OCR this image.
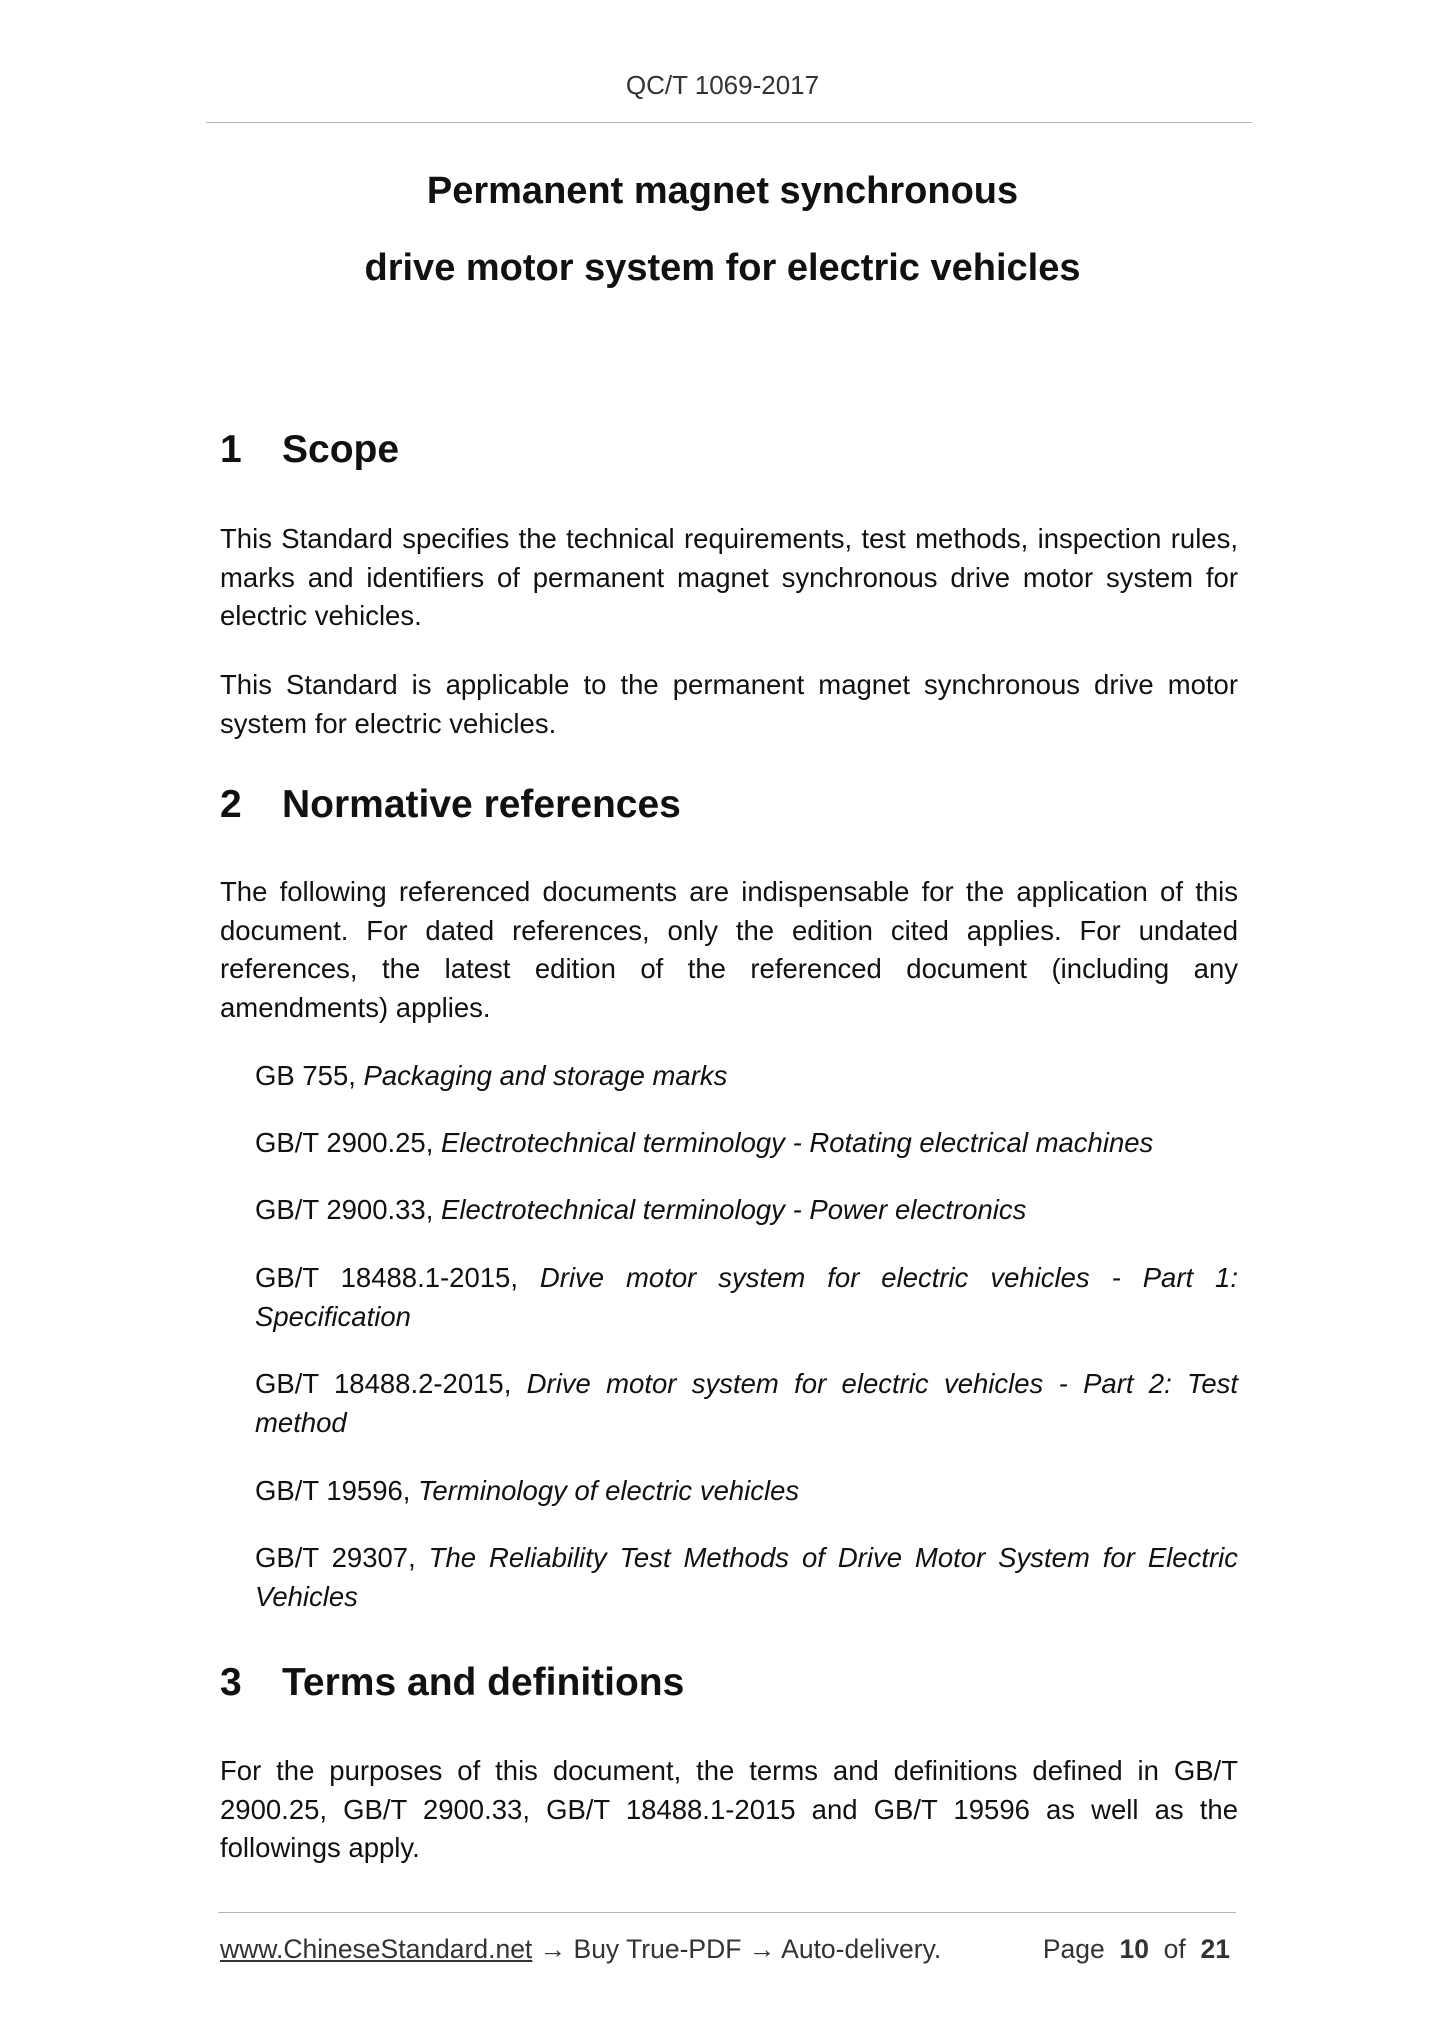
QC/T 1069-2017
Permanent magnet synchronous
drive motor system for electric vehicles
1	Scope
This Standard specifies the technical requirements, test methods, inspection rules, marks and identifiers of permanent magnet synchronous drive motor system for electric vehicles.
This Standard is applicable to the permanent magnet synchronous drive motor system for electric vehicles.
2	Normative references
The following referenced documents are indispensable for the application of this document. For dated references, only the edition cited applies. For undated references, the latest edition of the referenced document (including any amendments) applies.
GB 755, Packaging and storage marks
GB/T 2900.25, Electrotechnical terminology - Rotating electrical machines
GB/T 2900.33, Electrotechnical terminology - Power electronics
GB/T 18488.1-2015, Drive motor system for electric vehicles - Part 1: Specification
GB/T 18488.2-2015, Drive motor system for electric vehicles - Part 2: Test method
GB/T 19596, Terminology of electric vehicles
GB/T 29307, The Reliability Test Methods of Drive Motor System for Electric Vehicles
3	Terms and definitions
For the purposes of this document, the terms and definitions defined in GB/T 2900.25, GB/T 2900.33, GB/T 18488.1-2015 and GB/T 19596 as well as the followings apply.
www.ChineseStandard.net → Buy True-PDF → Auto-delivery.	Page 10 of 21
